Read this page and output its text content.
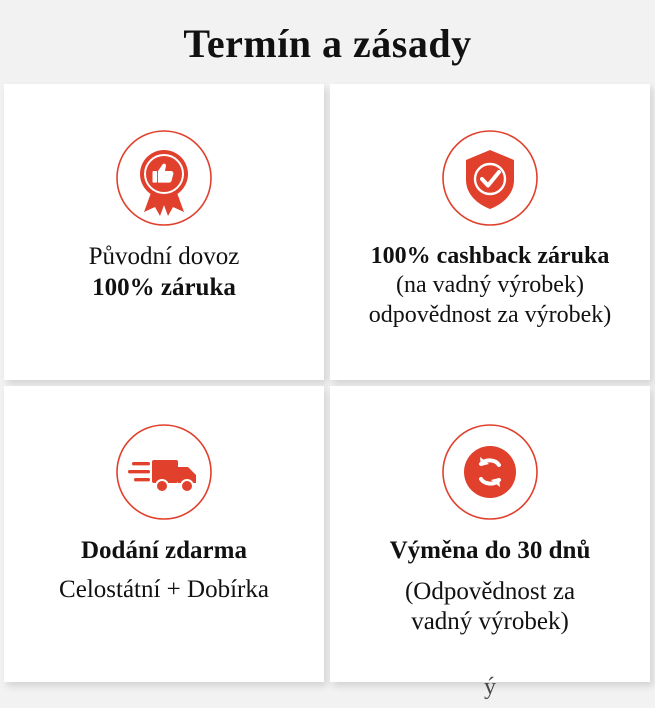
Termín a zásady
Původní dovoz
100% záruka
100% cashback záruka
(na vadný výrobek)
odpovědnost za výrobek)
Dodání zdarma
Celostátní + Dobírka
Výměna do 30 dnů
(Odpovědnost za
vadný výrobek)
ý
